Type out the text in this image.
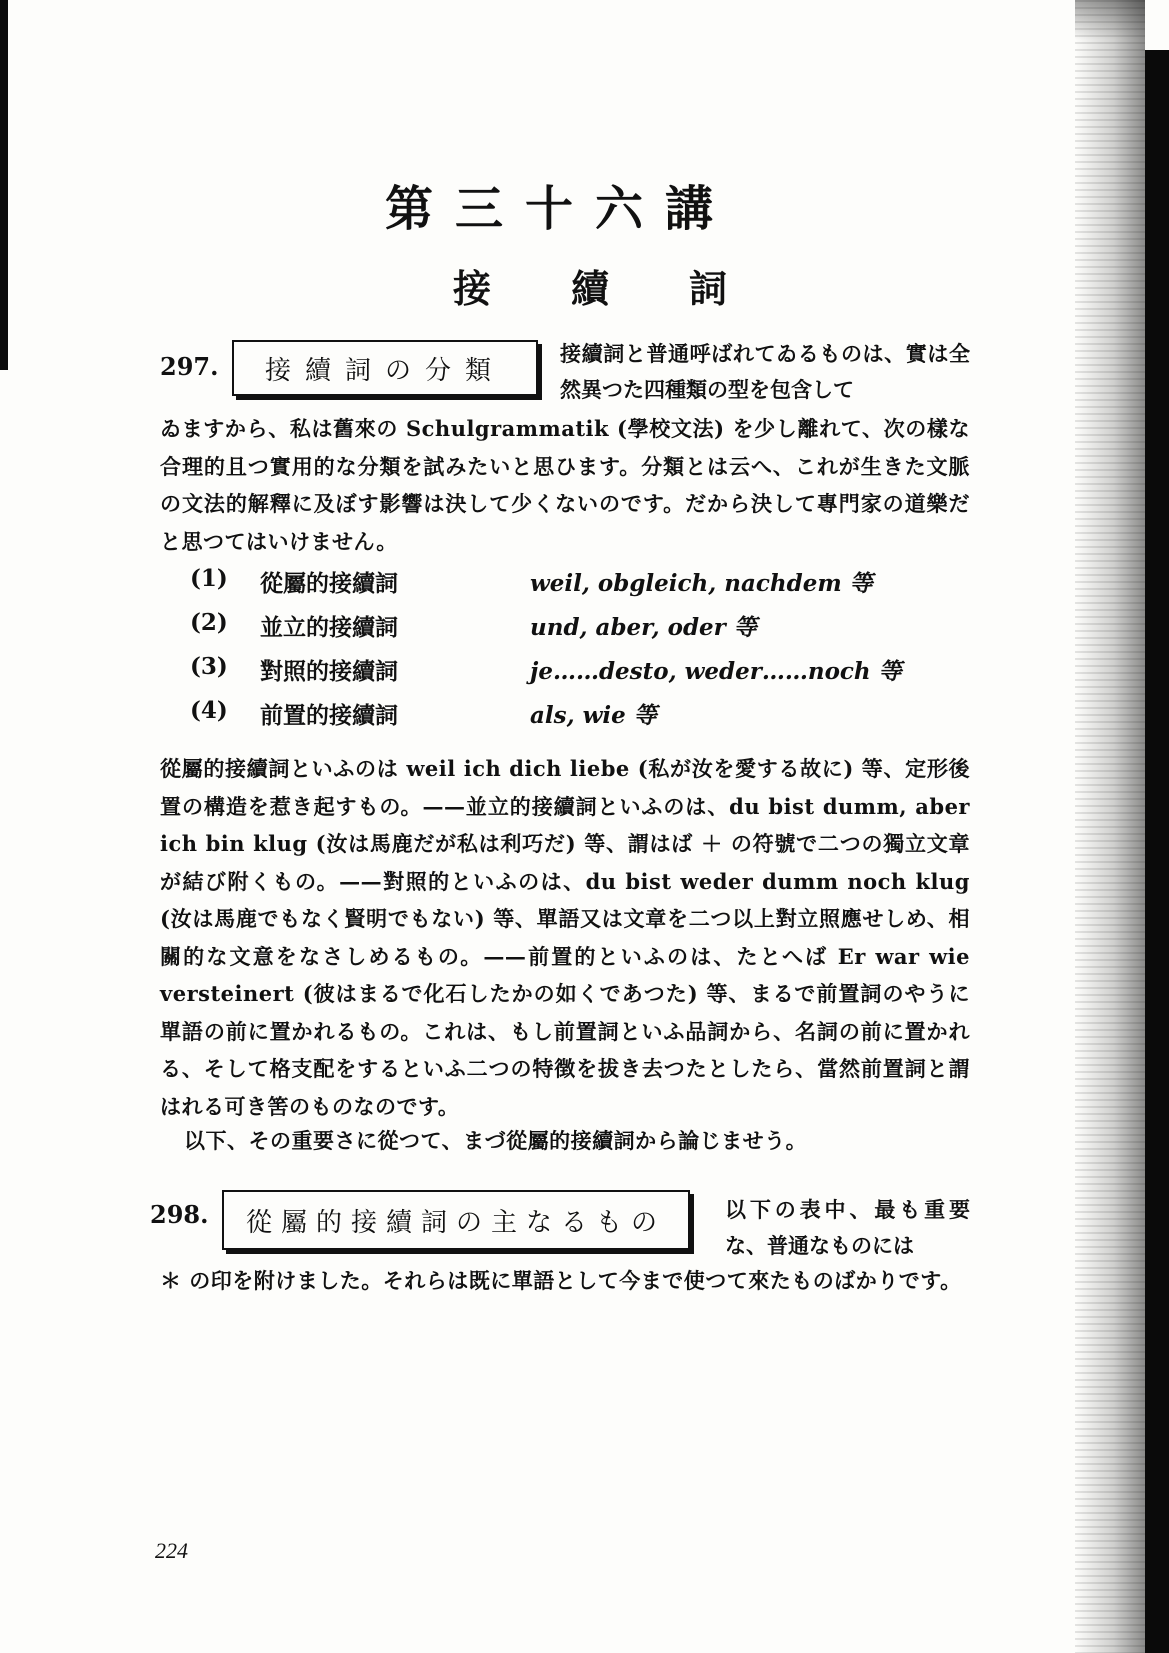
第三十六講
接續詞
297. 接續詞の分類
接續詞と普通呼ばれてゐるものは、實は全然異つた四種類の型を包含して
ゐますから、私は舊來の Schulgrammatik (學校文法) を少し離れて、次の樣な合理的且つ實用的な分類を試みたいと思ひます。分類とは云へ、これが生きた文脈の文法的解釋に及ぼす影響は決して少くないのです。だから決して專門家の道樂だと思つてはいけません。
(1) 從屬的接續詞	weil, obgleich, nachdem 等
(2) 並立的接續詞	und, aber, oder 等
(3) 對照的接續詞	je……desto, weder……noch 等
(4) 前置的接續詞	als, wie 等
從屬的接續詞といふのは weil ich dich liebe (私が汝を愛する故に) 等、定形後置の構造を惹き起すもの。——並立的接續詞といふのは、du bist dumm, aber ich bin klug (汝は馬鹿だが私は利巧だ) 等、謂はば ＋ の符號で二つの獨立文章が結び附くもの。——對照的といふのは、du bist weder dumm noch klug (汝は馬鹿でもなく賢明でもない) 等、單語又は文章を二つ以上對立照應せしめ、相關的な文意をなさしめるもの。——前置的といふのは、たとへば Er war wie versteinert (彼はまるで化石したかの如くであつた) 等、まるで前置詞のやうに單語の前に置かれるもの。これは、もし前置詞といふ品詞から、名詞の前に置かれる、そして格支配をするといふ二つの特徴を拔き去つたとしたら、當然前置詞と謂はれる可き筈のものなのです。
以下、その重要さに從つて、まづ從屬的接續詞から論じませう。
298. 從屬的接續詞の主なるもの	以下の表中、最も重要な、普通なものには
＊ の印を附けました。それらは既に單語として今まで使つて來たものばかりです。
224
